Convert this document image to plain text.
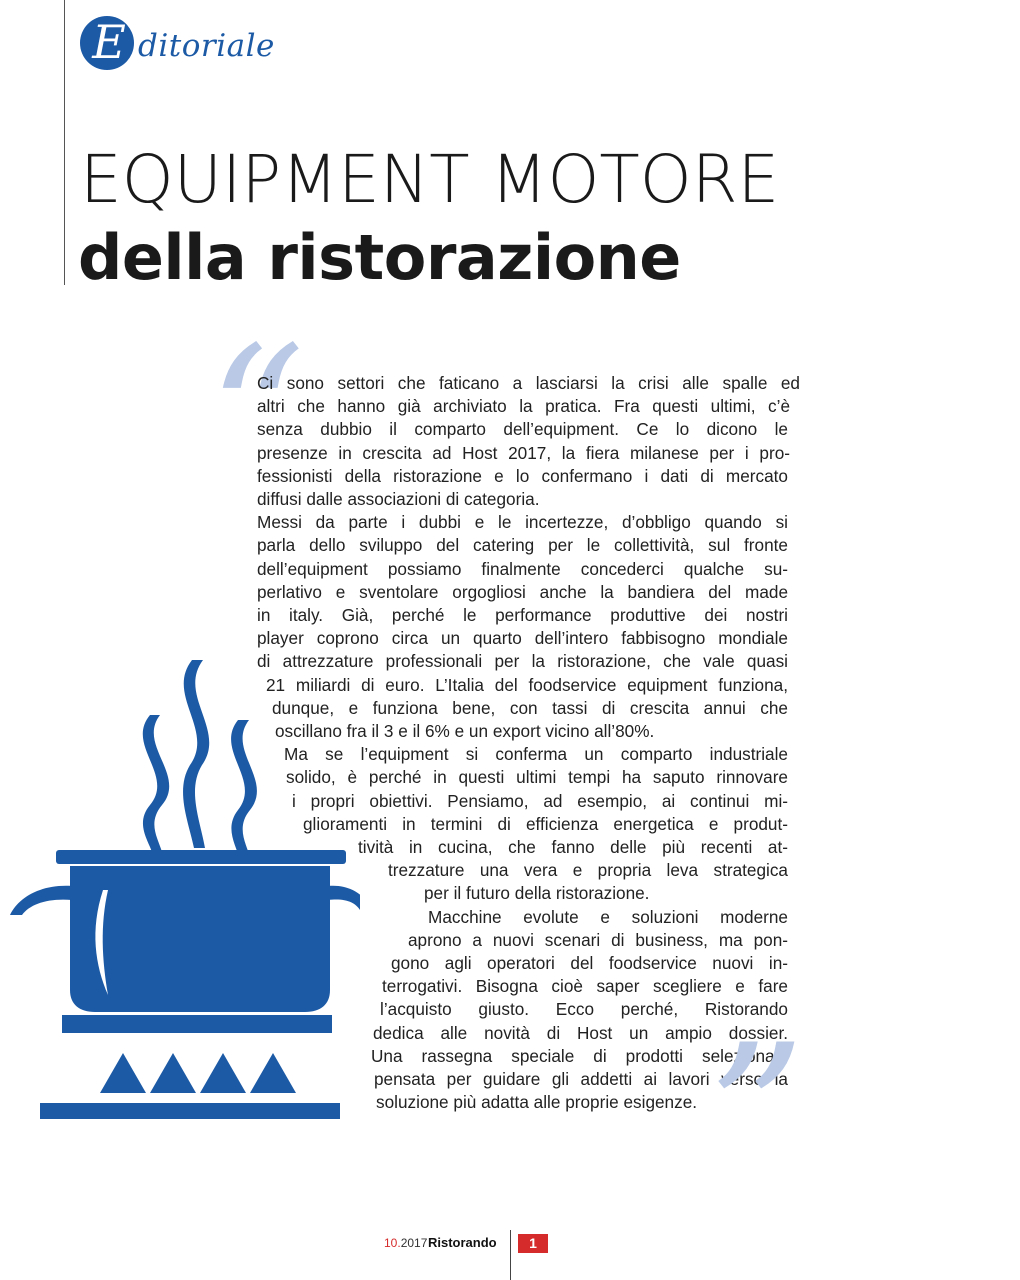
E ditoriale
EQUIPMENT MOTORE
della ristorazione
“
Ci sono settori che faticano a lasciarsi la crisi alle spalle ed
altri che hanno già archiviato la pratica. Fra questi ultimi, c’è
senza dubbio il comparto dell’equipment. Ce lo dicono le
presenze in crescita ad Host 2017, la fiera milanese per i pro-
fessionisti della ristorazione e lo confermano i dati di mercato
diffusi dalle associazioni di categoria.
Messi da parte i dubbi e le incertezze, d’obbligo quando si
parla dello sviluppo del catering per le collettività, sul fronte
dell’equipment possiamo finalmente concederci qualche su-
perlativo e sventolare orgogliosi anche la bandiera del made
in italy. Già, perché le performance produttive dei nostri
player coprono circa un quarto dell’intero fabbisogno mondiale
di attrezzature professionali per la ristorazione, che vale quasi
21 miliardi di euro. L’Italia del foodservice equipment funziona,
dunque, e funziona bene, con tassi di crescita annui che
oscillano fra il 3 e il 6% e un export vicino all’80%.
Ma se l’equipment si conferma un comparto industriale
solido, è perché in questi ultimi tempi ha saputo rinnovare
i propri obiettivi. Pensiamo, ad esempio, ai continui mi-
glioramenti in termini di efficienza energetica e produt-
tività in cucina, che fanno delle più recenti at-
trezzature una vera e propria leva strategica
per il futuro della ristorazione.
Macchine evolute e soluzioni moderne
aprono a nuovi scenari di business, ma pon-
gono agli operatori del foodservice nuovi in-
terrogativi. Bisogna cioè saper scegliere e fare
l’acquisto giusto. Ecco perché, Ristorando
dedica alle novità di Host un ampio dossier.
Una rassegna speciale di prodotti selezionati,
pensata per guidare gli addetti ai lavori verso la
soluzione più adatta alle proprie esigenze. ”
10.2017 Ristorando	1
